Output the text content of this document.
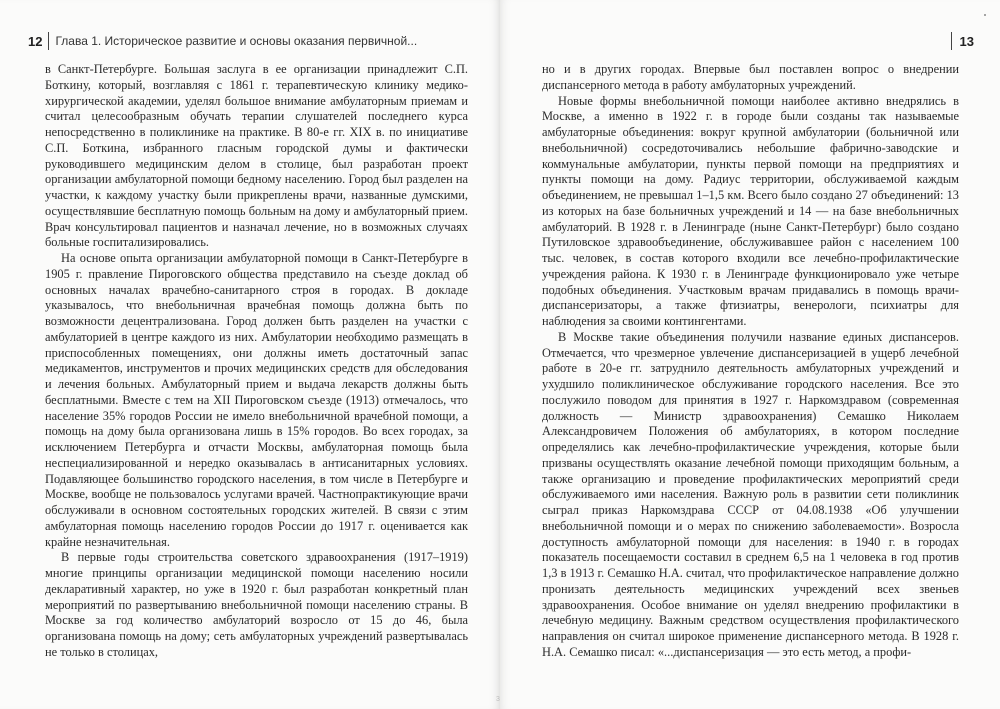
12 Глава 1. Историческое развитие и основы оказания первичной...

в Санкт-Петербурге. Большая заслуга в ее организации принадлежит С.П. Боткину, который, возглавляя с 1861 г. терапевтическую клинику медико-хирургической академии, уделял большое внимание амбулаторным приемам и считал целесообразным обучать терапии слушателей последнего курса непосредственно в поликлинике на практике. В 80-е гг. XIX в. по инициативе С.П. Боткина, избранного гласным городской думы и фактически руководившего медицинским делом в столице, был разработан проект организации амбулаторной помощи бедному населению. Город был разделен на участки, к каждому участку были прикреплены врачи, названные думскими, осуществлявшие бесплатную помощь больным на дому и амбулаторный прием. Врач консультировал пациентов и назначал лечение, но в возможных случаях больные госпитализировались.

На основе опыта организации амбулаторной помощи в Санкт-Петербурге в 1905 г. правление Пироговского общества представило на съезде доклад об основных началах врачебно-санитарного строя в городах. В докладе указывалось, что внебольничная врачебная помощь должна быть по возможности децентрализована. Город должен быть разделен на участки с амбулаторией в центре каждого из них. Амбулатории необходимо размещать в приспособленных помещениях, они должны иметь достаточный запас медикаментов, инструментов и прочих медицинских средств для обследования и лечения больных. Амбулаторный прием и выдача лекарств должны быть бесплатными. Вместе с тем на XII Пироговском съезде (1913) отмечалось, что население 35% городов России не имело внебольничной врачебной помощи, а помощь на дому была организована лишь в 15% городов. Во всех городах, за исключением Петербурга и отчасти Москвы, амбулаторная помощь была неспециализированной и нередко оказывалась в антисанитарных условиях. Подавляющее большинство городского населения, в том числе в Петербурге и Москве, вообще не пользовалось услугами врачей. Частнопрактикующие врачи обслуживали в основном состоятельных городских жителей. В связи с этим амбулаторная помощь населению городов России до 1917 г. оценивается как крайне незначительная.

В первые годы строительства советского здравоохранения (1917–1919) многие принципы организации медицинской помощи населению носили декларативный характер, но уже в 1920 г. был разработан конкретный план мероприятий по развертыванию внебольничной помощи населению страны. В Москве за год количество амбулаторий возросло от 15 до 46, была организована помощь на дому; сеть амбулаторных учреждений развертывалась не только в столицах,

13

но и в других городах. Впервые был поставлен вопрос о внедрении диспансерного метода в работу амбулаторных учреждений.

Новые формы внебольничной помощи наиболее активно внедрялись в Москве, а именно в 1922 г. в городе были созданы так называемые амбулаторные объединения: вокруг крупной амбулатории (больничной или внебольничной) сосредоточивались небольшие фабрично-заводские и коммунальные амбулатории, пункты первой помощи на предприятиях и пункты помощи на дому. Радиус территории, обслуживаемой каждым объединением, не превышал 1–1,5 км. Всего было создано 27 объединений: 13 из которых на базе больничных учреждений и 14 — на базе внебольничных амбулаторий. В 1928 г. в Ленинграде (ныне Санкт-Петербург) было создано Путиловское здравообъединение, обслуживавшее район с населением 100 тыс. человек, в состав которого входили все лечебно-профилактические учреждения района. К 1930 г. в Ленинграде функционировало уже четыре подобных объединения. Участковым врачам придавались в помощь врачи-диспансеризаторы, а также фтизиатры, венерологи, психиатры для наблюдения за своими контингентами.

В Москве такие объединения получили название единых диспансеров. Отмечается, что чрезмерное увлечение диспансеризацией в ущерб лечебной работе в 20-е гг. затруднило деятельность амбулаторных учреждений и ухудшило поликлиническое обслуживание городского населения. Все это послужило поводом для принятия в 1927 г. Наркомздравом (современная должность — Министр здравоохранения) Семашко Николаем Александровичем Положения об амбулаториях, в котором последние определялись как лечебно-профилактические учреждения, которые были призваны осуществлять оказание лечебной помощи приходящим больным, а также организацию и проведение профилактических мероприятий среди обслуживаемого ими населения. Важную роль в развитии сети поликлиник сыграл приказ Наркомздрава СССР от 04.08.1938 «Об улучшении внебольничной помощи и о мерах по снижению заболеваемости». Возросла доступность амбулаторной помощи для населения: в 1940 г. в городах показатель посещаемости составил в среднем 6,5 на 1 человека в год против 1,3 в 1913 г. Семашко Н.А. считал, что профилактическое направление должно пронизать деятельность медицинских учреждений всех звеньев здравоохранения. Особое внимание он уделял внедрению профилактики в лечебную медицину. Важным средством осуществления профилактического направления он считал широкое применение диспансерного метода. В 1928 г. Н.А. Семашко писал: «...диспансеризация — это есть метод, а профи-

3
